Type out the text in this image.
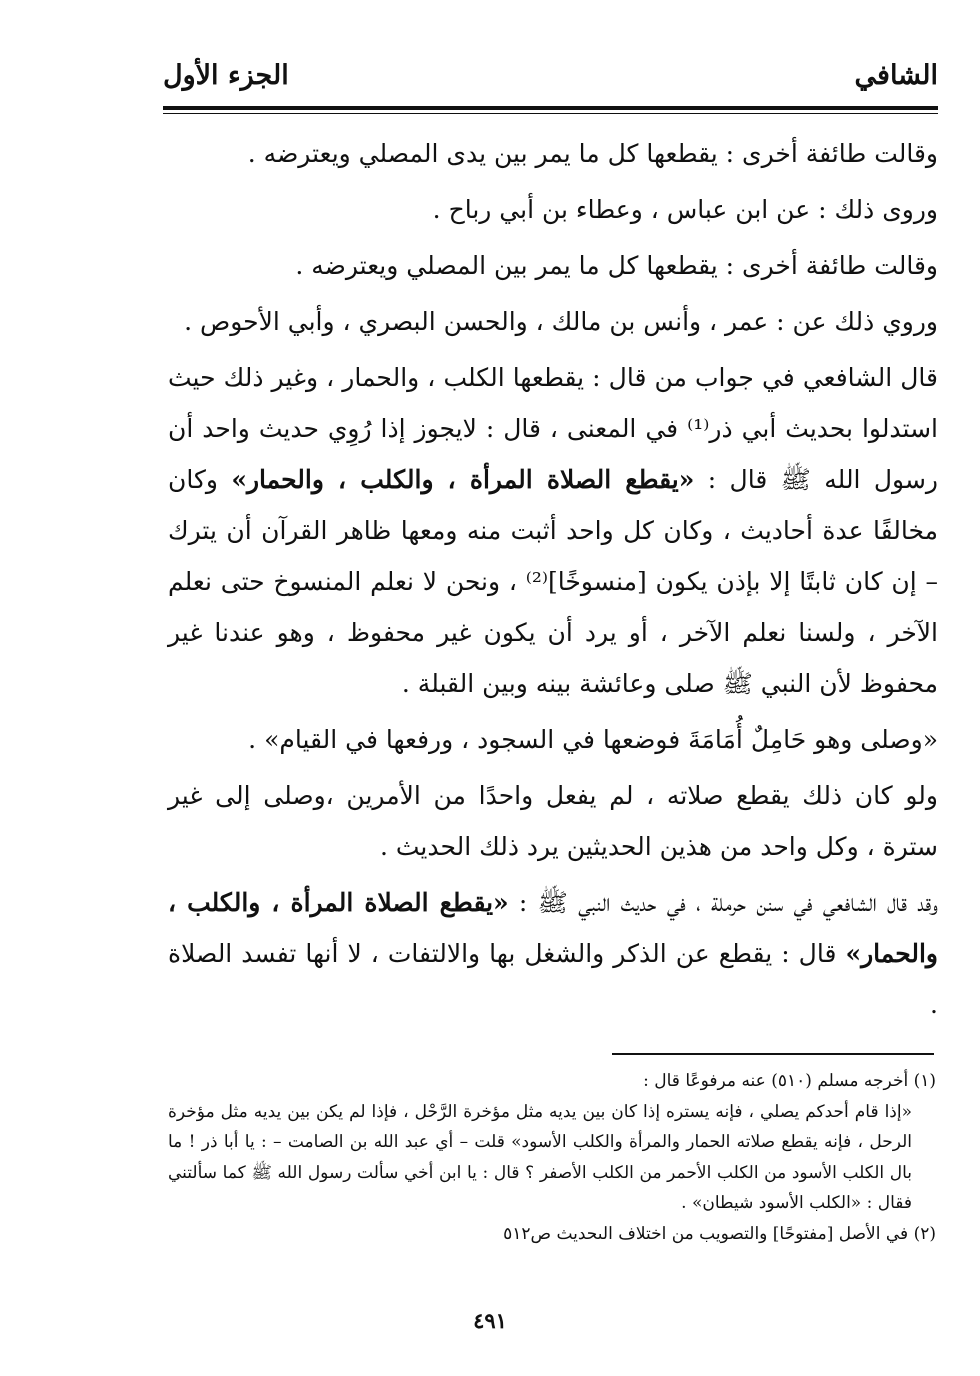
الشافي
الجزء الأول

وقالت طائفة أخرى : يقطعها كل ما يمر بين يدى المصلي ويعترضه .

وروى ذلك : عن ابن عباس ، وعطاء بن أبي رباح .

وقالت طائفة أخرى : يقطعها كل ما يمر بين المصلي ويعترضه .

وروي ذلك عن : عمر ، وأنس بن مالك ، والحسن البصري ، وأبي الأحوص .

قال الشافعي في جواب من قال : يقطعها الكلب ، والحمار ، وغير ذلك حيث استدلوا بحديث أبي ذر⁽¹⁾ في المعنى ، قال : لايجوز إذا رُوِي حديث واحد أن رسول الله ﷺ قال : «يقطع الصلاة المرأة ، والكلب ، والحمار» وكان مخالفًا عدة أحاديث ، وكان كل واحد أثبت منه ومعها ظاهر القرآن أن يترك – إن كان ثابتًا إلا بإذن يكون [منسوخًا]⁽²⁾ ، ونحن لا نعلم المنسوخ حتى نعلم الآخر ، ولسنا نعلم الآخر ، أو يرد أن يكون غير محفوظ ، وهو عندنا غير محفوظ لأن النبي ﷺ صلى وعائشة بينه وبين القبلة .

«وصلى وهو حَامِلٌ أُمَامَةَ فوضعها في السجود ، ورفعها في القيام» .

ولو كان ذلك يقطع صلاته ، لم يفعل واحدًا من الأمرين ،وصلى إلى غير سترة ، وكل واحد من هذين الحديثين يرد ذلك الحديث .

وقد قال الشافعي في سنن حرملة ، في حديث النبي ﷺ : «يقطع الصلاة المرأة ، والكلب ، والحمار» قال : يقطع عن الذكر والشغل بها والالتفات ، لا أنها تفسد الصلاة .

(١) أخرجه مسلم (٥١٠) عنه مرفوعًا قال :

«إذا قام أحدكم يصلي ، فإنه يستره إذا كان بين يديه مثل مؤخرة الرَّحْل ، فإذا لم يكن بين يديه مثل مؤخرة الرحل ، فإنه يقطع صلاته الحمار والمرأة والكلب الأسود» قلت – أي عبد الله بن الصامت – : يا أبا ذر ! ما بال الكلب الأسود من الكلب الأحمر من الكلب الأصفر ؟ قال : يا ابن أخي سألت رسول الله ﷺ كما سألتني فقال : «الكلب الأسود شيطان» .

(٢) في الأصل [مفتوحًا] والتصويب من اختلاف الىحديث ص٥١٢

٤٩١
